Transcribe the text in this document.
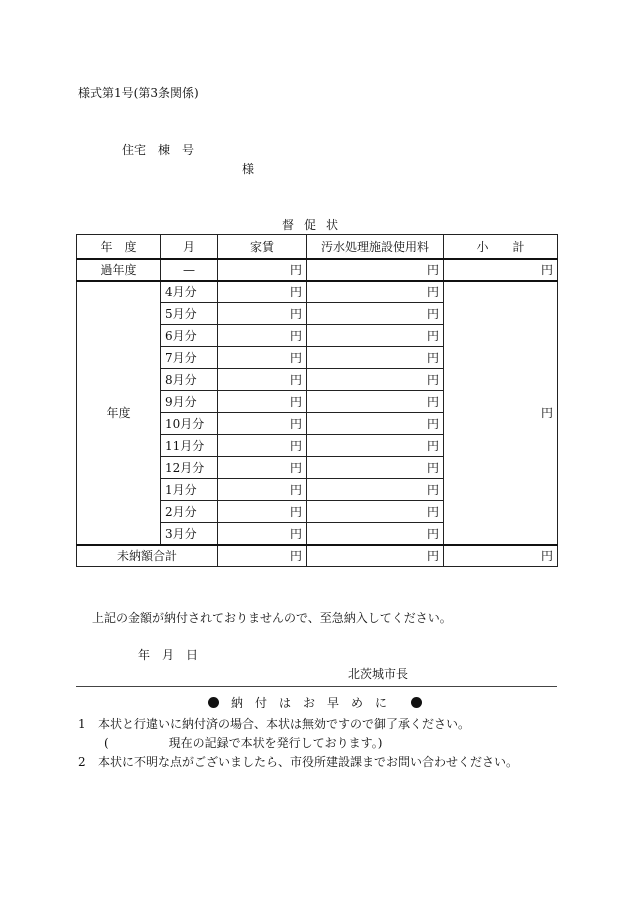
様式第1号(第3条関係)
住宅　棟　号
様
督促状
年　度	月	家賃	汚水処理施設使用料	小　　計
過年度	—	円	円	円
年度	4月分	円	円	円
	5月分	円	円	
	6月分	円	円	
	7月分	円	円	
	8月分	円	円	
	9月分	円	円	
	10月分	円	円	
	11月分	円	円	
	12月分	円	円	
	1月分	円	円	
	2月分	円	円	
	3月分	円	円	
未納額合計		円	円	円
上記の金額が納付されておりませんので、至急納入してください。
年　月　日
北茨城市長
納付はお早めに
1 本状と行違いに納付済の場合、本状は無効ですので御了承ください。
(　　　　　現在の記録で本状を発行しております。)
2 本状に不明な点がございましたら、市役所建設課までお問い合わせください。
